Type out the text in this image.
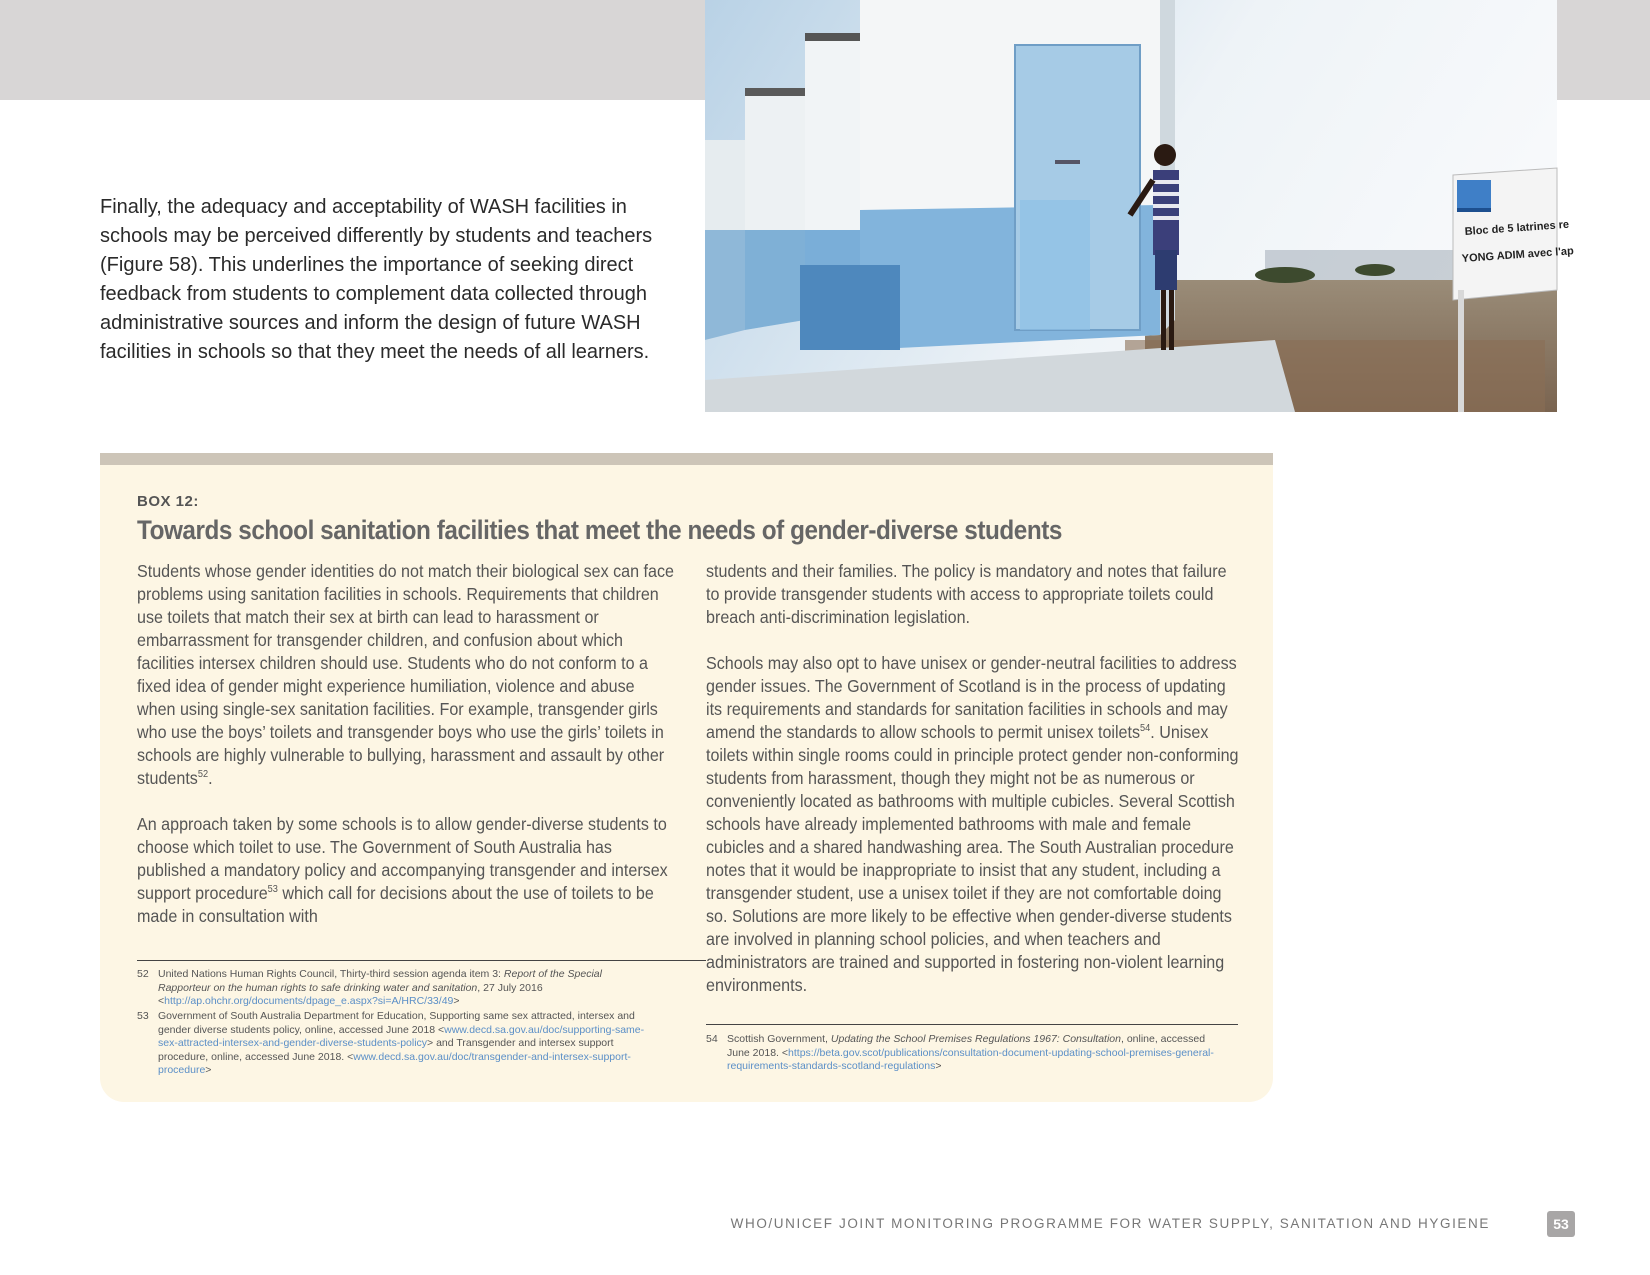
Finally, the adequacy and acceptability of WASH facilities in schools may be perceived differently by students and teachers (Figure 58). This underlines the importance of seeking direct feedback from students to complement data collected through administrative sources and inform the design of future WASH facilities in schools so that they meet the needs of all learners.
Bloc de 5 latrines re
YONG ADIM avec l'ap
BOX 12:
Towards school sanitation facilities that meet the needs of gender-diverse students

Students whose gender identities do not match their biological sex can face problems using sanitation facilities in schools. Requirements that children use toilets that match their sex at birth can lead to harassment or embarrassment for transgender children, and confusion about which facilities intersex children should use. Students who do not conform to a fixed idea of gender might experience humiliation, violence and abuse when using single-sex sanitation facilities. For example, transgender girls who use the boys’ toilets and transgender boys who use the girls’ toilets in schools are highly vulnerable to bullying, harassment and assault by other students$^{52}$.

An approach taken by some schools is to allow gender-diverse students to choose which toilet to use. The Government of South Australia has published a mandatory policy and accompanying transgender and intersex support procedure$^{53}$ which call for decisions about the use of toilets to be made in consultation with

students and their families. The policy is mandatory and notes that failure to provide transgender students with access to appropriate toilets could breach anti-discrimination legislation.

Schools may also opt to have unisex or gender-neutral facilities to address gender issues. The Government of Scotland is in the process of updating its requirements and standards for sanitation facilities in schools and may amend the standards to allow schools to permit unisex toilets$^{54}$. Unisex toilets within single rooms could in principle protect gender non-conforming students from harassment, though they might not be as numerous or conveniently located as bathrooms with multiple cubicles. Several Scottish schools have already implemented bathrooms with male and female cubicles and a shared handwashing area. The South Australian procedure notes that it would be inappropriate to insist that any student, including a transgender student, use a unisex toilet if they are not comfortable doing so. Solutions are more likely to be effective when gender-diverse students are involved in planning school policies, and when teachers and administrators are trained and supported in fostering non-violent learning environments.

52 United Nations Human Rights Council, Thirty-third session agenda item 3: Report of the Special Rapporteur on the human rights to safe drinking water and sanitation, 27 July 2016 <http://ap.ohchr.org/documents/dpage_e.aspx?si=A/HRC/33/49>
53 Government of South Australia Department for Education, Supporting same sex attracted, intersex and gender diverse students policy, online, accessed June 2018 <www.decd.sa.gov.au/doc/supporting-same-sex-attracted-intersex-and-gender-diverse-students-policy> and Transgender and intersex support procedure, online, accessed June 2018. <www.decd.sa.gov.au/doc/transgender-and-intersex-support-procedure>
54 Scottish Government, Updating the School Premises Regulations 1967: Consultation, online, accessed June 2018. <https://beta.gov.scot/publications/consultation-document-updating-school-premises-general-requirements-standards-scotland-regulations>
WHO/UNICEF JOINT MONITORING PROGRAMME FOR WATER SUPPLY, SANITATION AND HYGIENE	53
